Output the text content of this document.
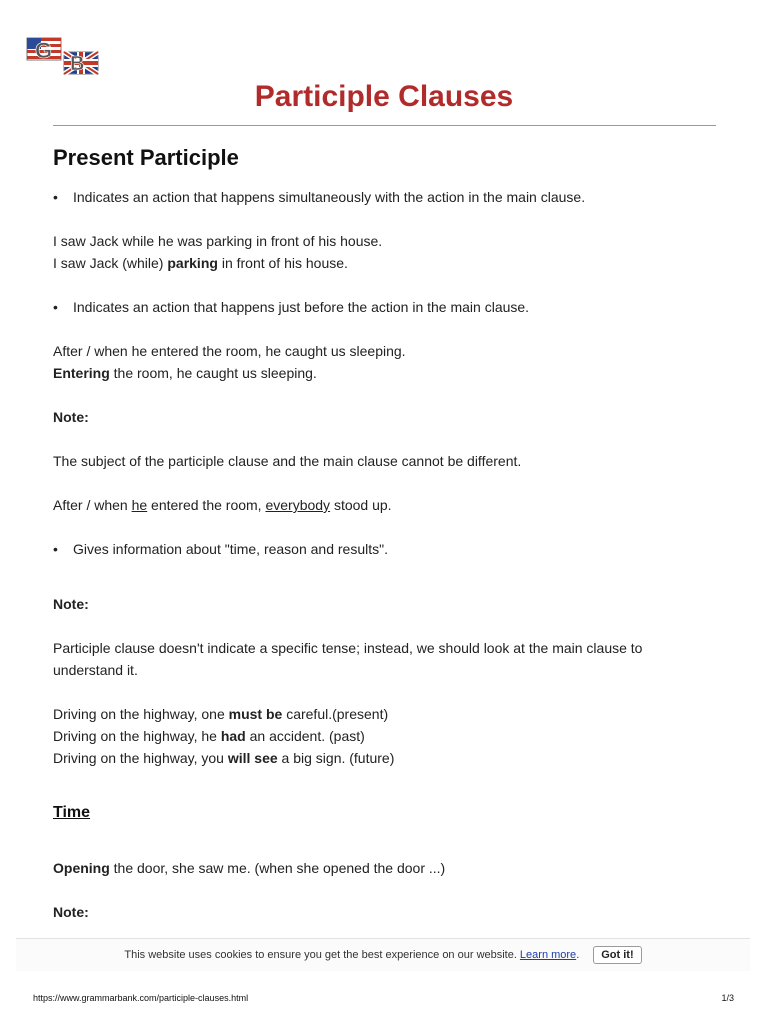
G
B
Participle Clauses
Present Participle

• Indicates an action that happens simultaneously with the action in the main clause.

I saw Jack while he was parking in front of his house.

I saw Jack (while) parking in front of his house.

• Indicates an action that happens just before the action in the main clause.

After / when he entered the room, he caught us sleeping.

Entering the room, he caught us sleeping.

Note:

The subject of the participle clause and the main clause cannot be different.

After / when he entered the room, everybody stood up.

• Gives information about "time, reason and results".

Note:

Participle clause doesn't indicate a specific tense; instead, we should look at the main clause to understand it.

Driving on the highway, one must be careful.(present)

Driving on the highway, he had an accident. (past)

Driving on the highway, you will see a big sign. (future)

Time

Opening the door, she saw me. (when she opened the door ...)

Note:

This website uses cookies to ensure you get the best experience on our website. Learn more .	Got it!
https://www.grammarbank.com/participle-clauses.html	1/3
